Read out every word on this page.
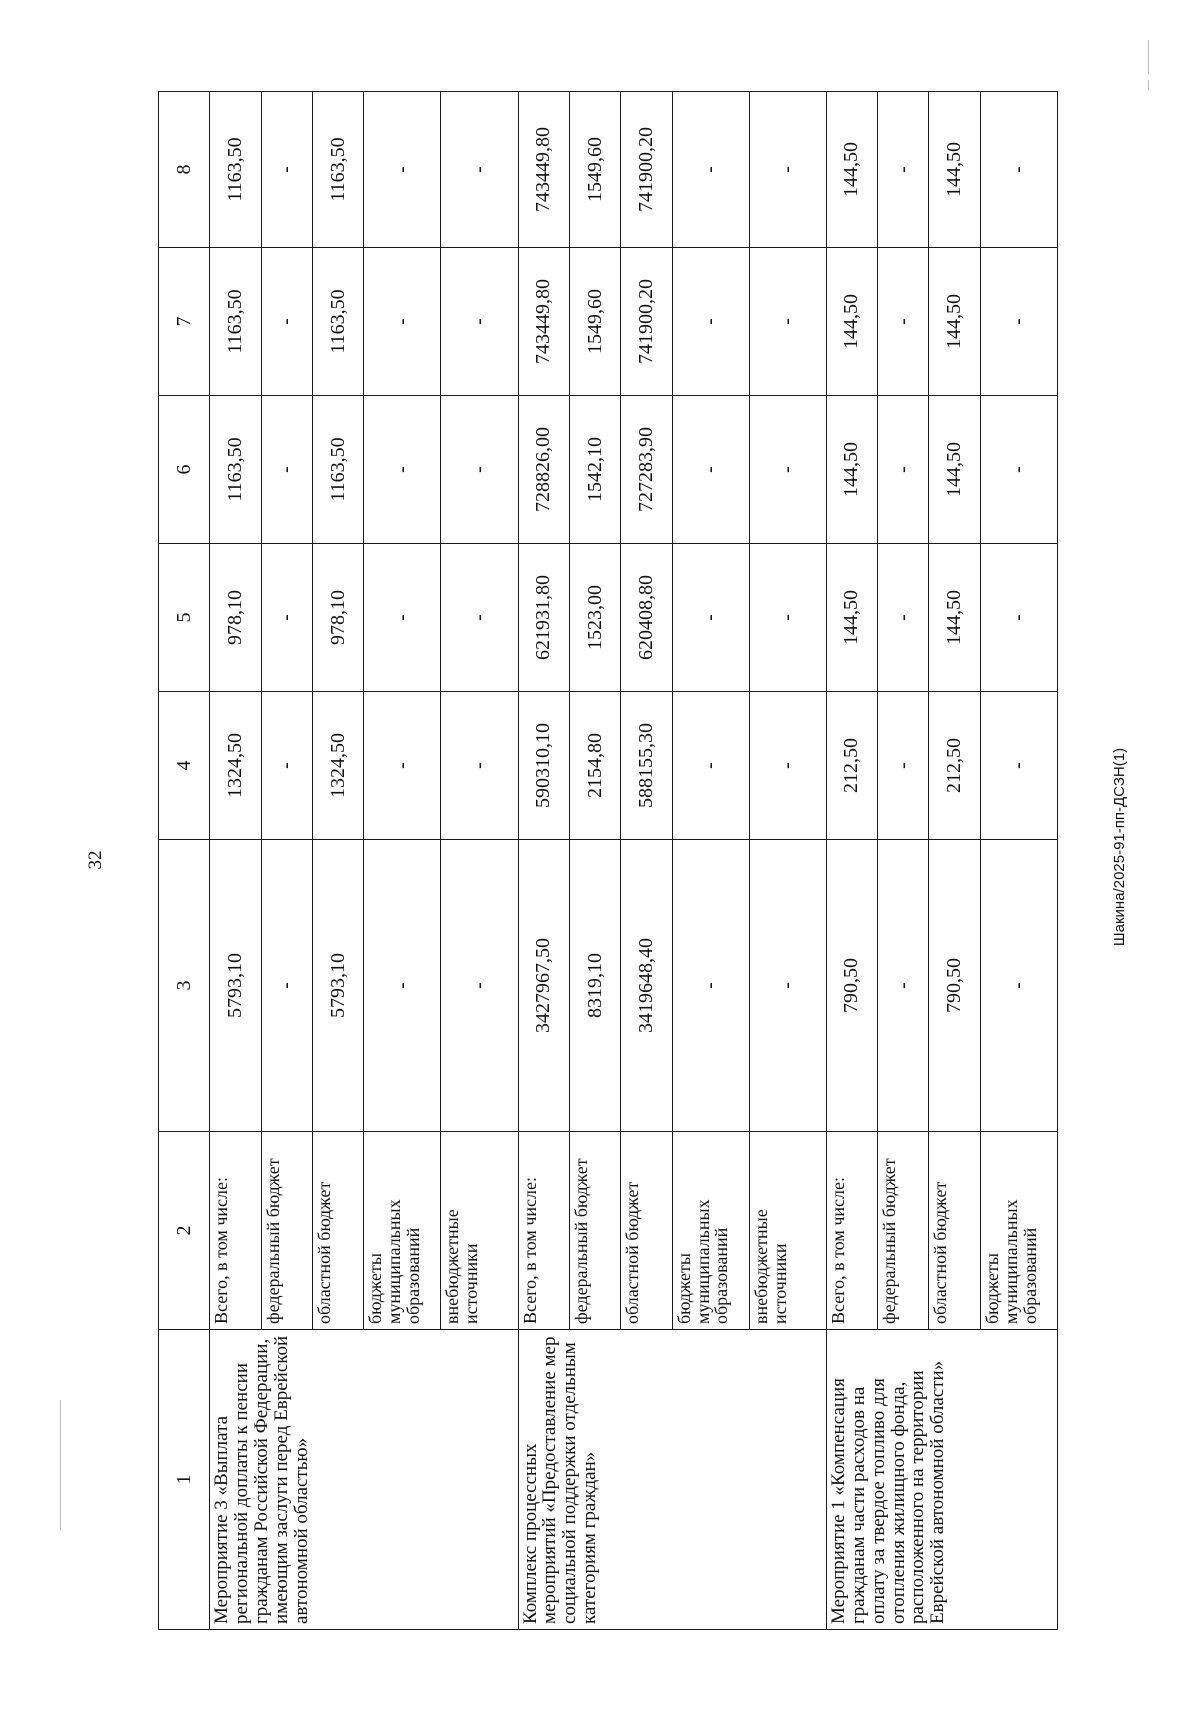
32	Шакина/2025-91-пп-ДСЗН(1)
1	2	3	4	5	6	7	8
Мероприятие 3 «Выплата региональной доплаты к пенсии гражданам Российской Федерации, имеющим заслуги перед Еврейской автономной областью»	Всего, в том числе:	5793,10	1324,50	978,10	1163,50	1163,50	1163,50
	федеральный бюджет	-	-	-	-	-	-
	областной бюджет	5793,10	1324,50	978,10	1163,50	1163,50	1163,50
	бюджеты муниципальных образований	-	-	-	-	-	-
	внебюджетные источники	-	-	-	-	-	-
Комплекс процессных мероприятий «Предоставление мер социальной поддержки отдельным категориям граждан»	Всего, в том числе:	3427967,50	590310,10	621931,80	728826,00	743449,80	743449,80
	федеральный бюджет	8319,10	2154,80	1523,00	1542,10	1549,60	1549,60
	областной бюджет	3419648,40	588155,30	620408,80	727283,90	741900,20	741900,20
	бюджеты муниципальных образований	-	-	-	-	-	-
	внебюджетные источники	-	-	-	-	-	-
Мероприятие 1 «Компенсация гражданам части расходов на оплату за твердое топливо для отопления жилищного фонда, расположенного на территории Еврейской автономной области»	Всего, в том числе:	790,50	212,50	144,50	144,50	144,50	144,50
	федеральный бюджет	-	-	-	-	-	-
	областной бюджет	790,50	212,50	144,50	144,50	144,50	144,50
	бюджеты муниципальных образований	-	-	-	-	-	-
